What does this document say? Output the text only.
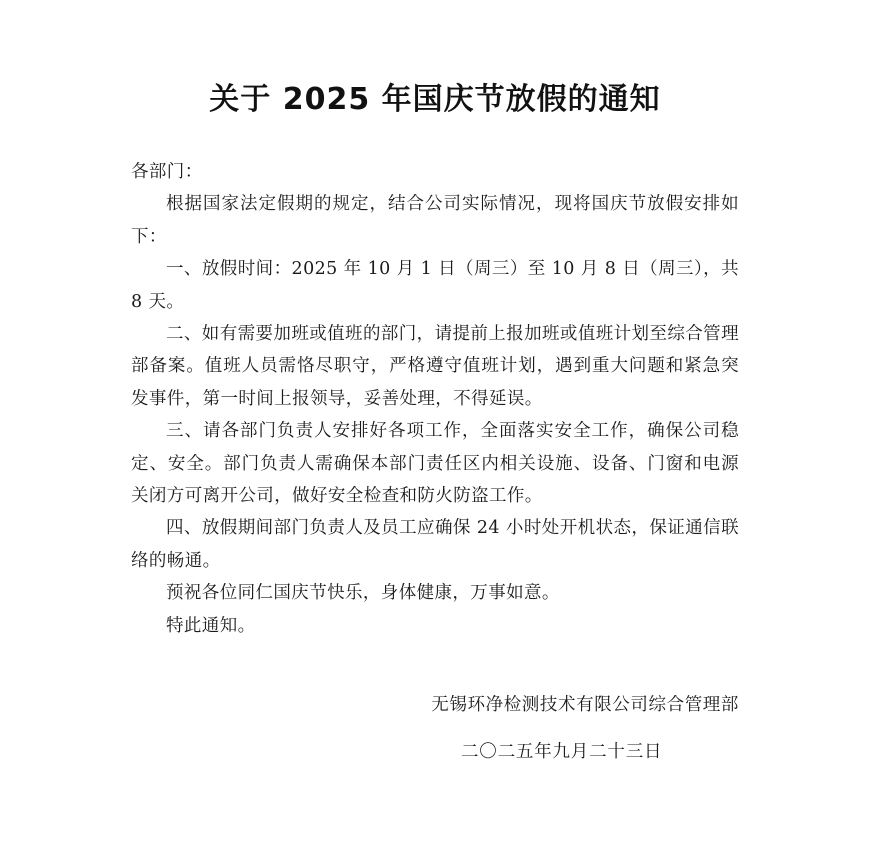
关于 2025 年国庆节放假的通知

各部门：

根据国家法定假期的规定，结合公司实际情况，现将国庆节放假安排如下：

一、放假时间：2025 年 10 月 1 日（周三）至 10 月 8 日（周三），共 8 天。

二、如有需要加班或值班的部门，请提前上报加班或值班计划至综合管理部备案。值班人员需恪尽职守，严格遵守值班计划，遇到重大问题和紧急突发事件，第一时间上报领导，妥善处理，不得延误。

三、请各部门负责人安排好各项工作，全面落实安全工作，确保公司稳定、安全。部门负责人需确保本部门责任区内相关设施、设备、门窗和电源关闭方可离开公司，做好安全检查和防火防盗工作。

四、放假期间部门负责人及员工应确保 24 小时处开机状态，保证通信联络的畅通。

预祝各位同仁国庆节快乐，身体健康，万事如意。

特此通知。

无锡环净检测技术有限公司综合管理部
二〇二五年九月二十三日
